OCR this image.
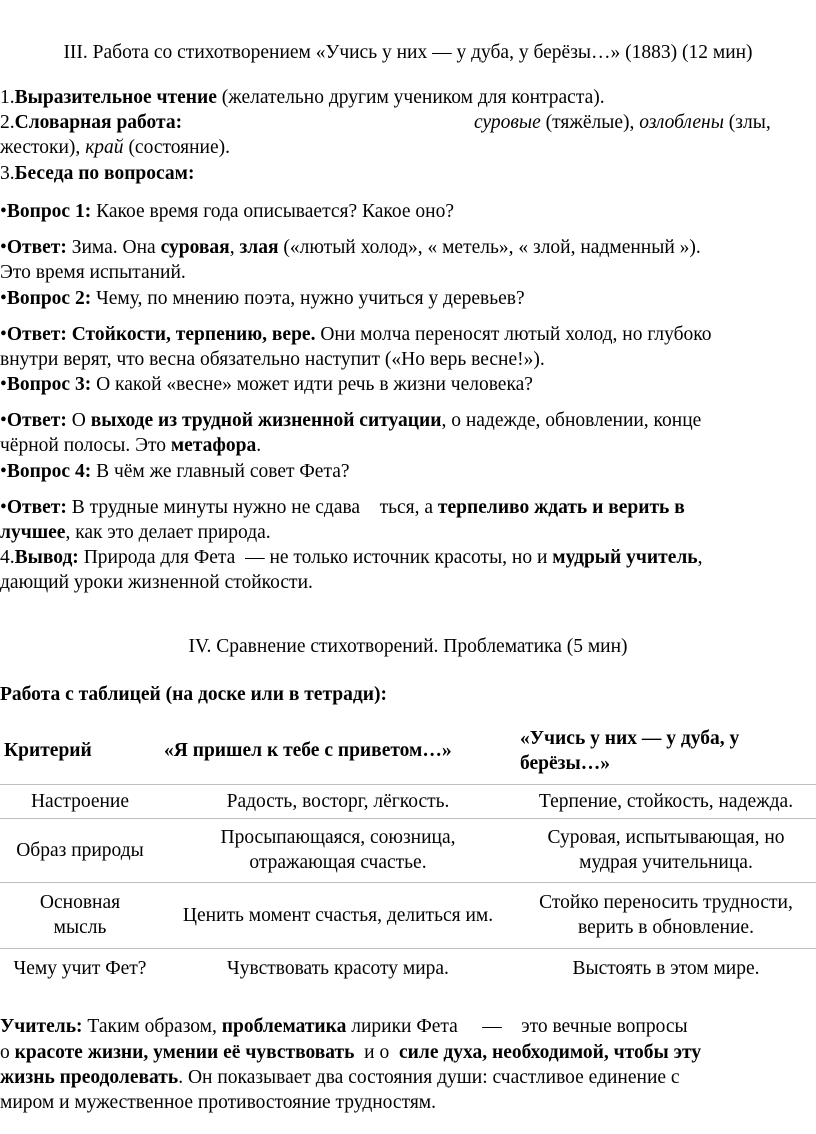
III. Работа со стихотворением «Учись у них — у дуба, у берёзы…» (1883) (12 мин)
1.Выразительное чтение (желательно другим учеником для контраста).
2.Словарная работа:	суровые (тяжёлые), озлоблены (злы,
жестоки), край (состояние).
3.Беседа по вопросам:
•Вопрос 1: Какое время года описывается? Какое оно?
•Ответ: Зима. Она суровая, злая («лютый холод», « метель», « злой, надменный »).
Это время испытаний.
•Вопрос 2: Чему, по мнению поэта, нужно учиться у деревьев?
•Ответ: Стойкости, терпению, вере. Они молча переносят лютый холод, но глубоко
внутри верят, что весна обязательно наступит («Но верь весне!»).
•Вопрос 3: О какой «весне» может идти речь в жизни человека?
•Ответ: О выходе из трудной жизненной ситуации, о надежде, обновлении, конце
чёрной полосы. Это метафора.
•Вопрос 4: В чём же главный совет Фета?
•Ответ: В трудные минуты нужно не сдава    ться, а терпеливо ждать и верить в
лучшее, как это делает природа.
4.Вывод: Природа для Фета  — не только источник красоты, но и мудрый учитель,
дающий уроки жизненной стойкости.
IV. Сравнение стихотворений. Проблематика (5 мин)
Работа с таблицей (на доске или в тетради):
Критерий	«Я пришел к тебе с приветом…»	«Учись у них — у дуба, у берёзы…»
Настроение	Радость, восторг, лёгкость.	Терпение, стойкость, надежда.
Образ природы	Просыпающаяся, союзница, отражающая счастье.	Суровая, испытывающая, но мудрая учительница.
Основная мысль	Ценить момент счастья, делиться им.	Стойко переносить трудности, верить в обновление.
Чему учит Фет?	Чувствовать красоту мира.	Выстоять в этом мире.
Учитель: Таким образом, проблематика лирики Фета     —    это вечные вопросы
о красоте жизни, умении её чувствовать  и о  силе духа, необходимой, чтобы эту
жизнь преодолевать. Он показывает два состояния души: счастливое единение с
миром и мужественное противостояние трудностям.
